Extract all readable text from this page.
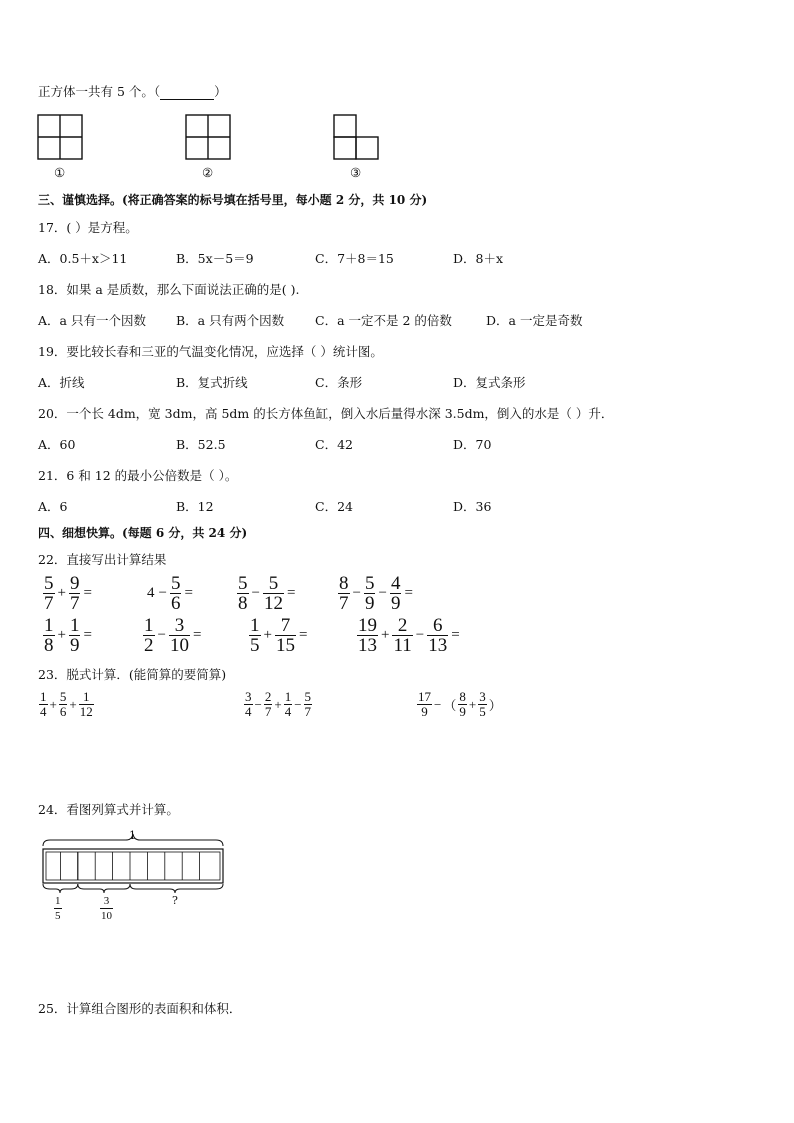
正方体一共有 5 个。（	）
①	②	③
三、谨慎选择。(将正确答案的标号填在括号里，每小题 2 分，共 10 分)
17．( ）是方程。
A．0.5＋x＞11	B．5x－5＝9	C．7＋8＝15	D．8＋x
18．如果 a 是质数，那么下面说法正确的是( ).
A．a 只有一个因数 B．a 只有两个因数 C．a 一定不是 2 的倍数	D．a 一定是奇数
19．要比较长春和三亚的气温变化情况，应选择（ ）统计图。
A．折线	B．复式折线	C．条形	D．复式条形
20．一个长 4dm，宽 3dm，高 5dm 的长方体鱼缸，倒入水后量得水深 3.5dm，倒入的水是（ ）升．
A．60	B．52.5	C．42	D．70
21．6 和 12 的最小公倍数是（ ）。
A．6	B．12	C．24	D．36
四、细想快算。(每题 6 分，共 24 分)
22．直接写出计算结果
$\frac{5}{7} + \frac{9}{7}$ =	$4 - \frac{5}{6} = \frac{5}{8} - \frac{5}{12} = \frac{8}{7} - \frac{5}{9} - \frac{4}{9}$ =
$\frac{1}{8} + \frac{1}{9}$ =	$\frac{1}{2} - \frac{3}{10}$ =	$\frac{1}{5} + \frac{7}{15}$ =	$\frac{19}{13} + \frac{2}{11} - \frac{6}{13}$ =
23．脱式计算．(能简算的要简算)
$\frac{1}{4} + \frac{5}{6} + \frac{1}{12}$	$\frac{3}{4} - \frac{2}{7} + \frac{1}{4} - \frac{5}{7}$	$\frac{17}{9}$ − （ $\frac{8}{9} + \frac{3}{5}$ ）
24．看图列算式并计算。
1
$\frac{1}{5}$	$\frac{3}{10}$	?
25．计算组合图形的表面积和体积．
